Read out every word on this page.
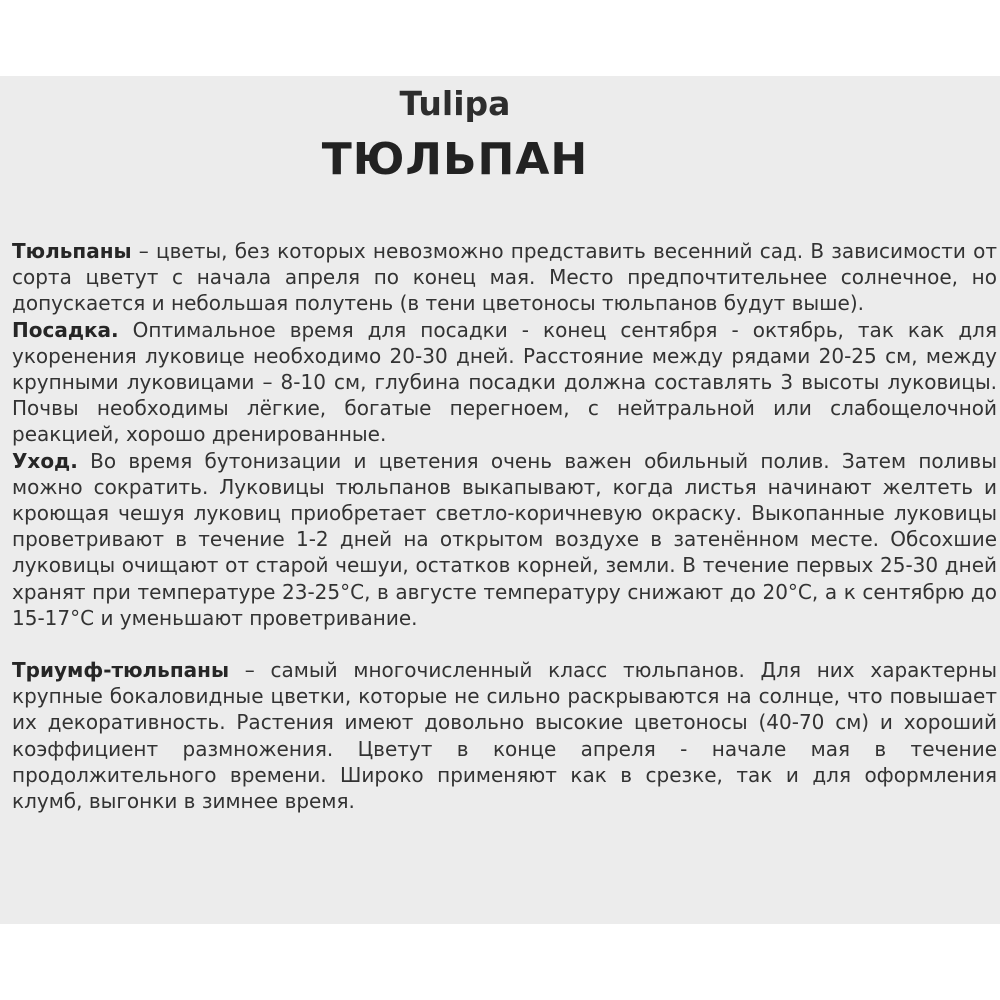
Tulipa
ТЮЛЬПАН

Тюльпаны – цветы, без которых невозможно представить весенний сад. В зависимости от сорта цветут с начала апреля по конец мая. Место предпочтительнее солнечное, но допускается и небольшая полутень (в тени цветоносы тюльпанов будут выше).

Посадка. Оптимальное время для посадки - конец сентября - октябрь, так как для укоренения луковице необходимо 20-30 дней. Расстояние между рядами 20-25 см, между крупными луковицами – 8-10 см, глубина посадки должна составлять 3 высоты луковицы. Почвы необходимы лёгкие, богатые перегноем, с нейтральной или слабощелочной реакцией, хорошо дренированные.

Уход. Во время бутонизации и цветения очень важен обильный полив. Затем поливы можно сократить. Луковицы тюльпанов выкапывают, когда листья начинают желтеть и кроющая чешуя луковиц приобретает светло-коричневую окраску. Выкопанные луковицы проветривают в течение 1-2 дней на открытом воздухе в затенённом месте. Обсохшие луковицы очищают от старой чешуи, остатков корней, земли. В течение первых 25-30 дней хранят при температуре 23-25°C, в августе температуру снижают до 20°C, а к сентябрю до 15-17°C и уменьшают проветривание.

Триумф-тюльпаны – самый многочисленный класс тюльпанов. Для них характерны крупные бокаловидные цветки, которые не сильно раскрываются на солнце, что повышает их декоративность. Растения имеют довольно высокие цветоносы (40-70 см) и хороший коэффициент размножения. Цветут в конце апреля - начале мая в течение продолжительного времени. Широко применяют как в срезке, так и для оформления клумб, выгонки в зимнее время.
